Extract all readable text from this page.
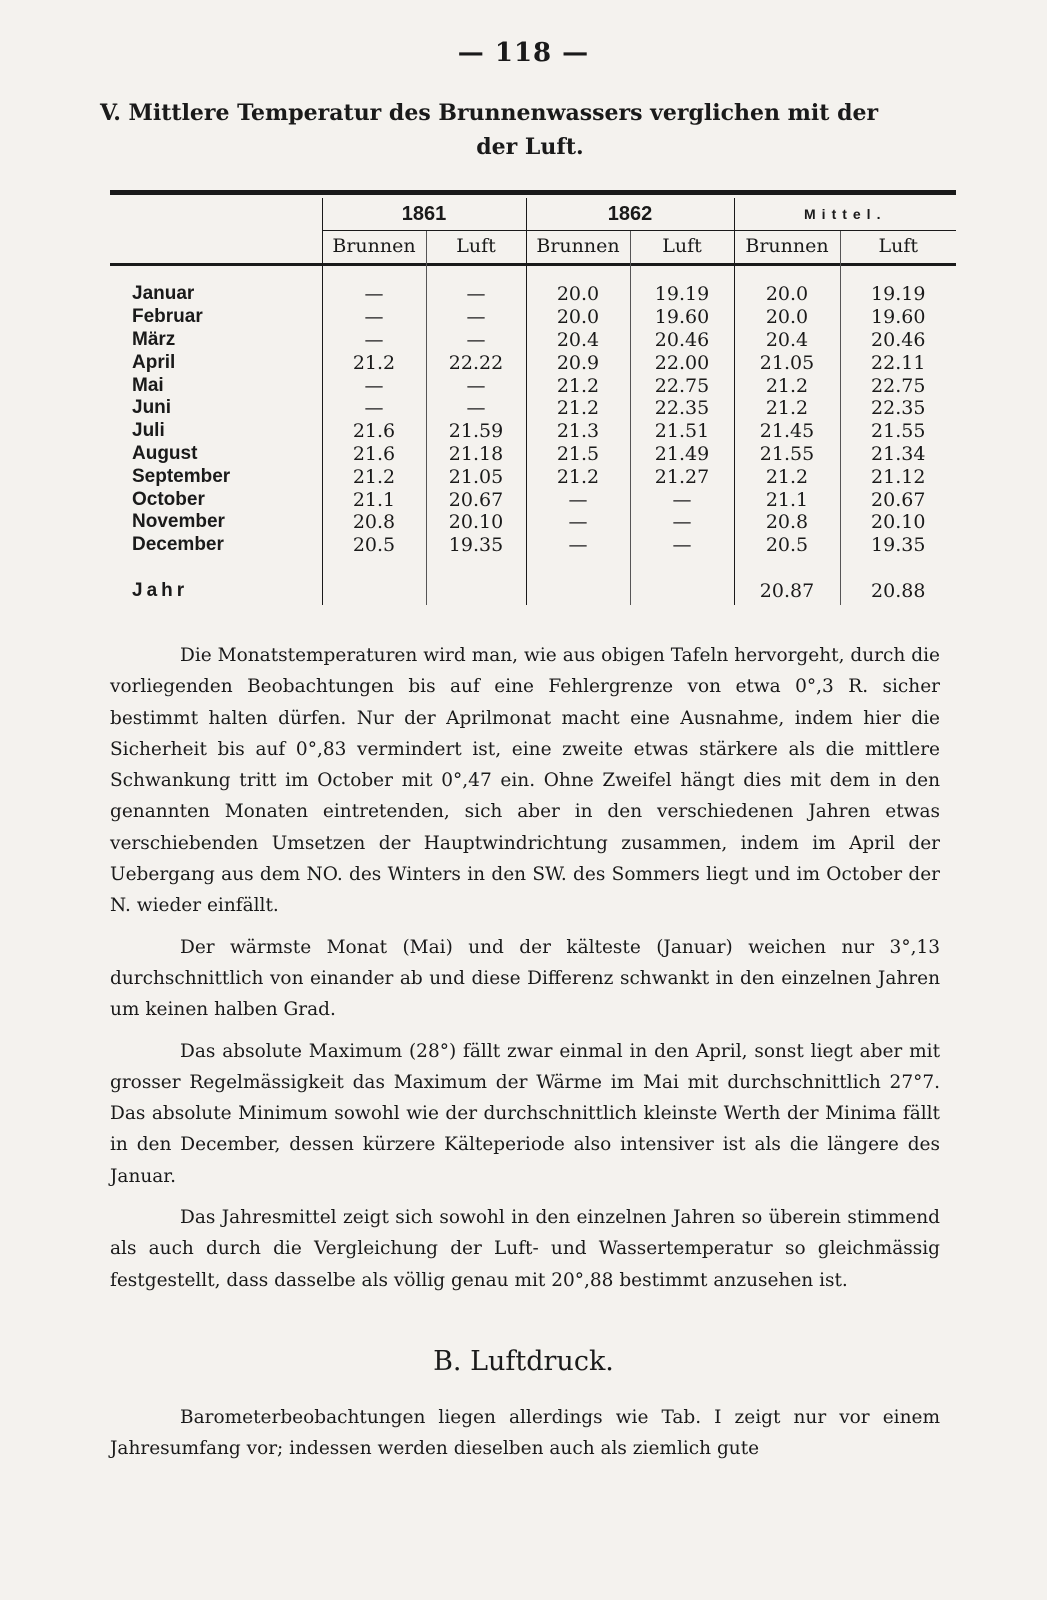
— 118 —
V. Mittlere Temperatur des Brunnenwassers verglichen mit der
der Luft.
	1861		1862		Mittel.	
	Brunnen	Luft	Brunnen	Luft	Brunnen	Luft

Januar	—	—	20.0	19.19	20.0	19.19
Februar	—	—	20.0	19.60	20.0	19.60
März	—	—	20.4	20.46	20.4	20.46
April	21.2	22.22	20.9	22.00	21.05	22.11
Mai	—	—	21.2	22.75	21.2	22.75
Juni	—	—	21.2	22.35	21.2	22.35
Juli	21.6	21.59	21.3	21.51	21.45	21.55
August	21.6	21.18	21.5	21.49	21.55	21.34
September	21.2	21.05	21.2	21.27	21.2	21.12
October	21.1	20.67	—	—	21.1	20.67
November	20.8	20.10	—	—	20.8	20.10
December	20.5	19.35	—	—	20.5	19.35

Jahr					20.87	20.88

Die Monatstemperaturen wird man, wie aus obigen Tafeln hervorgeht, durch die vorliegenden Beobachtungen bis auf eine Fehlergrenze von etwa 0°,3 R. sicher bestimmt halten dürfen. Nur der Aprilmonat macht eine Ausnahme, indem hier die Sicherheit bis auf 0°,83 vermindert ist, eine zweite etwas stärkere als die mittlere Schwankung tritt im October mit 0°,47 ein. Ohne Zweifel hängt dies mit dem in den genannten Monaten eintretenden, sich aber in den verschiedenen Jahren etwas verschiebenden Umsetzen der Hauptwindrichtung zusammen, indem im April der Uebergang aus dem NO. des Winters in den SW. des Sommers liegt und im October der N. wieder einfällt.

Der wärmste Monat (Mai) und der kälteste (Januar) weichen nur 3°,13 durchschnittlich von einander ab und diese Differenz schwankt in den einzelnen Jahren um keinen halben Grad.

Das absolute Maximum (28°) fällt zwar einmal in den April, sonst liegt aber mit grosser Regelmässigkeit das Maximum der Wärme im Mai mit durchschnittlich 27°7. Das absolute Minimum sowohl wie der durchschnittlich kleinste Werth der Minima fällt in den December, dessen kürzere Kälteperiode also intensiver ist als die längere des Januar.

Das Jahresmittel zeigt sich sowohl in den einzelnen Jahren so überein stimmend als auch durch die Vergleichung der Luft- und Wassertemperatur so gleichmässig festgestellt, dass dasselbe als völlig genau mit 20°,88 bestimmt anzusehen ist.

B. Luftdruck.

Barometerbeobachtungen liegen allerdings wie Tab. I zeigt nur vor einem Jahresumfang vor; indessen werden dieselben auch als ziemlich gute
